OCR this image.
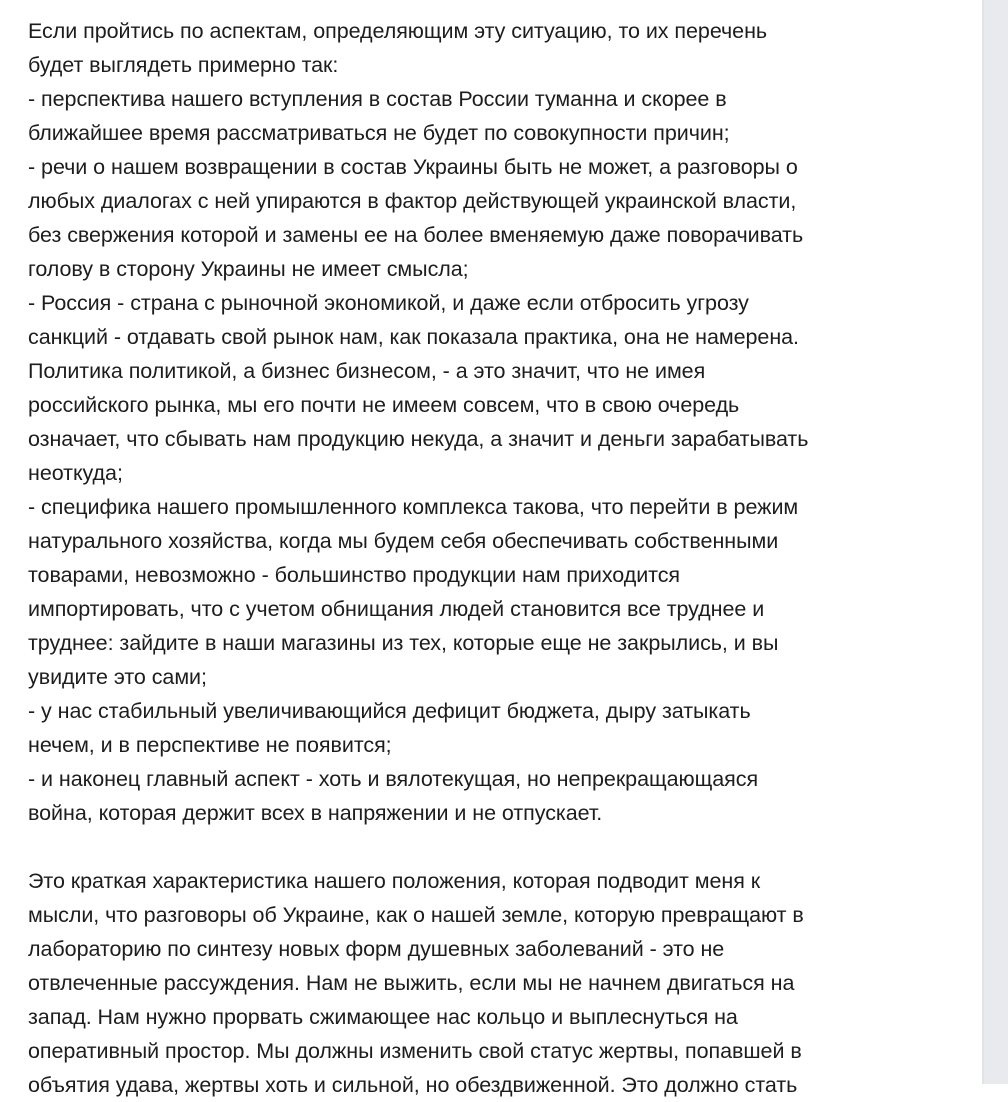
Если пройтись по аспектам, определяющим эту ситуацию, то их перечень
будет выглядеть примерно так:
- перспектива нашего вступления в состав России туманна и скорее в
ближайшее время рассматриваться не будет по совокупности причин;
- речи о нашем возвращении в состав Украины быть не может, а разговоры о
любых диалогах с ней упираются в фактор действующей украинской власти,
без свержения которой и замены ее на более вменяемую даже поворачивать
голову в сторону Украины не имеет смысла;
- Россия - страна с рыночной экономикой, и даже если отбросить угрозу
санкций - отдавать свой рынок нам, как показала практика, она не намерена.
Политика политикой, а бизнес бизнесом, - а это значит, что не имея
российского рынка, мы его почти не имеем совсем, что в свою очередь
означает, что сбывать нам продукцию некуда, а значит и деньги зарабатывать
неоткуда;
- специфика нашего промышленного комплекса такова, что перейти в режим
натурального хозяйства, когда мы будем себя обеспечивать собственными
товарами, невозможно - большинство продукции нам приходится
импортировать, что с учетом обнищания людей становится все труднее и
труднее: зайдите в наши магазины из тех, которые еще не закрылись, и вы
увидите это сами;
- у нас стабильный увеличивающийся дефицит бюджета, дыру затыкать
нечем, и в перспективе не появится;
- и наконец главный аспект - хоть и вялотекущая, но непрекращающаяся
война, которая держит всех в напряжении и не отпускает.
Это краткая характеристика нашего положения, которая подводит меня к
мысли, что разговоры об Украине, как о нашей земле, которую превращают в
лабораторию по синтезу новых форм душевных заболеваний - это не
отвлеченные рассуждения. Нам не выжить, если мы не начнем двигаться на
запад. Нам нужно прорвать сжимающее нас кольцо и выплеснуться на
оперативный простор. Мы должны изменить свой статус жертвы, попавшей в
объятия удава, жертвы хоть и сильной, но обездвиженной. Это должно стать
